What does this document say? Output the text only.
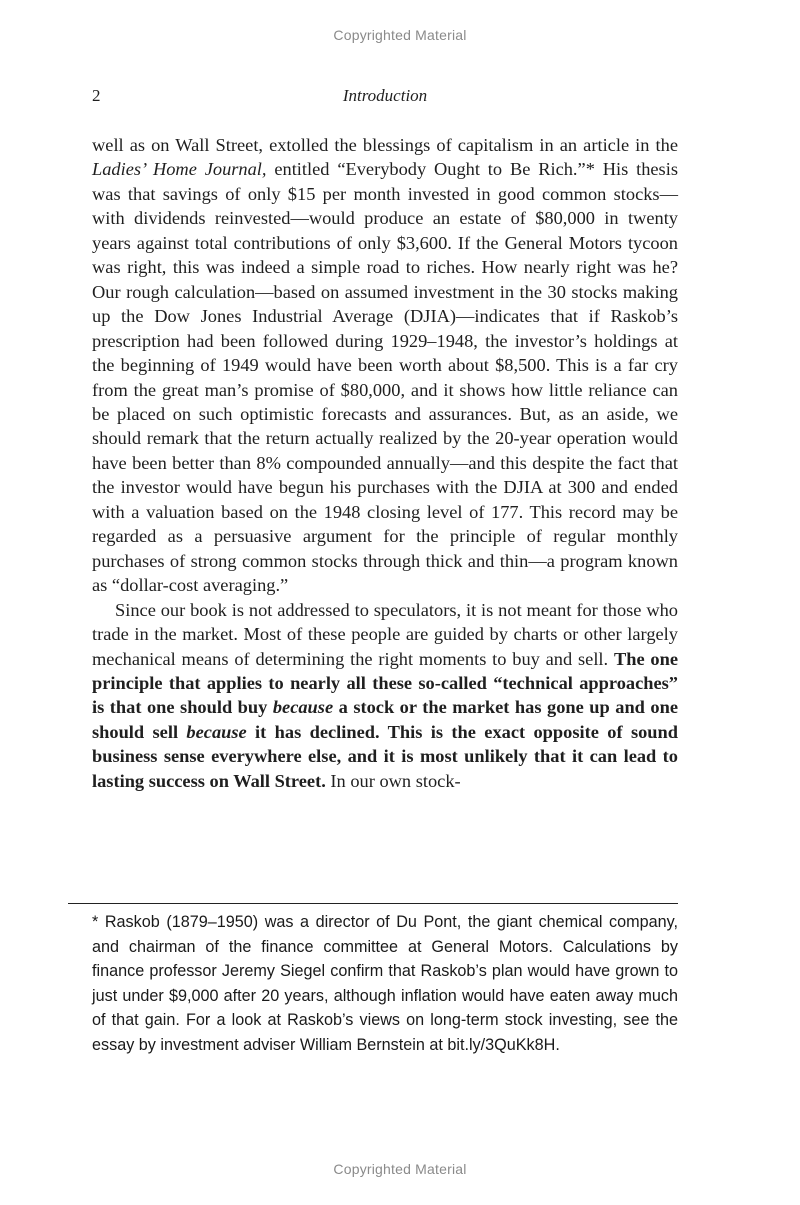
Copyrighted Material
2	Introduction

well as on Wall Street, extolled the blessings of capitalism in an article in the Ladies’ Home Journal, entitled “Everybody Ought to Be Rich.”* His thesis was that savings of only $15 per month invested in good common stocks—with dividends reinvested—would produce an estate of $80,000 in twenty years against total contributions of only $3,600. If the General Motors tycoon was right, this was indeed a simple road to riches. How nearly right was he? Our rough calculation—based on assumed investment in the 30 stocks making up the Dow Jones Industrial Average (DJIA)—indicates that if Raskob’s prescription had been followed during 1929–1948, the investor’s holdings at the beginning of 1949 would have been worth about $8,500. This is a far cry from the great man’s promise of $80,000, and it shows how little reliance can be placed on such optimistic forecasts and assurances. But, as an aside, we should remark that the return actually realized by the 20-year operation would have been better than 8% compounded annually—and this despite the fact that the investor would have begun his purchases with the DJIA at 300 and ended with a valuation based on the 1948 closing level of 177. This record may be regarded as a persuasive argument for the principle of regular monthly purchases of strong common stocks through thick and thin—a program known as “dollar-cost averaging.”

Since our book is not addressed to speculators, it is not meant for those who trade in the market. Most of these people are guided by charts or other largely mechanical means of determining the right moments to buy and sell. The one principle that applies to nearly all these so-called “technical approaches” is that one should buy because a stock or the market has gone up and one should sell because it has declined. This is the exact opposite of sound business sense everywhere else, and it is most unlikely that it can lead to lasting success on Wall Street. In our own stock-

* Raskob (1879–1950) was a director of Du Pont, the giant chemical company, and chairman of the finance committee at General Motors. Calculations by finance professor Jeremy Siegel confirm that Raskob’s plan would have grown to just under $9,000 after 20 years, although inflation would have eaten away much of that gain. For a look at Raskob’s views on long-term stock investing, see the essay by investment adviser William Bernstein at bit.ly/3QuKk8H.

Copyrighted Material
